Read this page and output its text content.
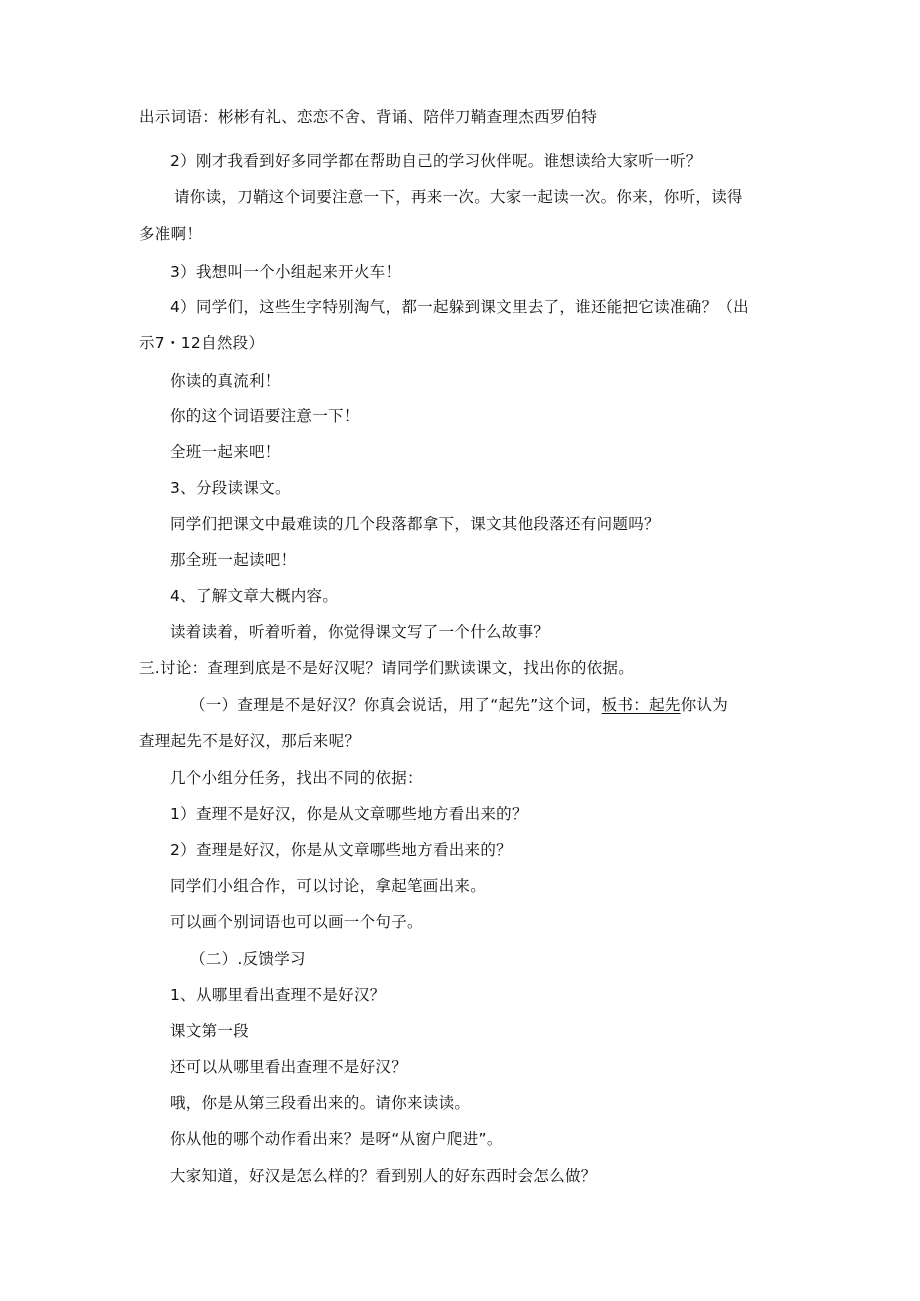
出示词语：彬彬有礼、恋恋不舍、背诵、陪伴刀鞘查理杰西罗伯特
2）刚才我看到好多同学都在帮助自己的学习伙伴呢。谁想读给大家听一听？
请你读，刀鞘这个词要注意一下，再来一次。大家一起读一次。你来，你听，读得
多准啊！
3）我想叫一个小组起来开火车！
4）同学们，这些生字特别淘气，都一起躲到课文里去了，谁还能把它读准确？（出
示7・12自然段）
你读的真流利！
你的这个词语要注意一下！
全班一起来吧！
3、分段读课文。
同学们把课文中最难读的几个段落都拿下，课文其他段落还有问题吗？
那全班一起读吧！
4、了解文章大概内容。
读着读着，听着听着，你觉得课文写了一个什么故事？
三.讨论：查理到底是不是好汉呢？请同学们默读课文，找出你的依据。
（一）查理是不是好汉？你真会说话，用了“起先”这个词，板书：起先你认为
查理起先不是好汉，那后来呢？
几个小组分任务，找出不同的依据：
1）查理不是好汉，你是从文章哪些地方看出来的？
2）查理是好汉，你是从文章哪些地方看出来的？
同学们小组合作，可以讨论，拿起笔画出来。
可以画个别词语也可以画一个句子。
（二）.反馈学习
1、从哪里看出查理不是好汉？
课文第一段
还可以从哪里看出查理不是好汉？
哦，你是从第三段看出来的。请你来读读。
你从他的哪个动作看出来？是呀“从窗户爬进”。
大家知道，好汉是怎么样的？看到别人的好东西时会怎么做？
